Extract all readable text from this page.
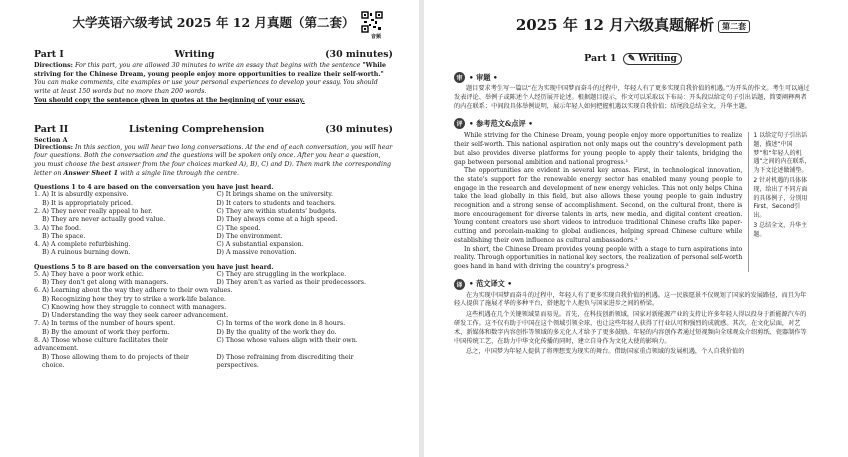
大学英语六级考试 2025 年 12 月真题（第二套）
音频
Part I	Writing	(30 minutes)

Directions: For this part, you are allowed 30 minutes to write an essay that begins with the sentence "While striving for the Chinese Dream, young people enjoy more opportunities to realize their self-worth." You can make comments, cite examples or use your personal experiences to develop your essay. You should write at least 150 words but no more than 200 words.

You should copy the sentence given in quotes at the beginning of your essay.

Part II	Listening Comprehension	(30 minutes)

Section A

Directions: In this section, you will hear two long conversations. At the end of each conversation, you will hear four questions. Both the conversation and the questions will be spoken only once. After you hear a question, you must choose the best answer from the four choices marked A), B), C) and D). Then mark the corresponding letter on Answer Sheet 1 with a single line through the centre.

Questions 1 to 4 are based on the conversation you have just heard.

1. A) It is absurdly expensive.	C) It brings shame on the university.
B) It is appropriately priced.	D) It caters to students and teachers.
2. A) They never really appeal to her.	C) They are within students' budgets.
B) They are never actually good value.	D) They always come at a high speed.
3. A) The food.	C) The speed.
B) The space.	D) The environment.
4. A) A complete refurbishing.	C) A substantial expansion.
B) A ruinous burning down.	D) A massive renovation.

Questions 5 to 8 are based on the conversation you have just heard.

5. A) They have a poor work ethic.	C) They are struggling in the workplace.
B) They don't get along with managers.	D) They aren't as varied as their predecessors.
6. A) Learning about the way they adhere to their own values.
B) Recognizing how they try to strike a work-life balance.
C) Knowing how they struggle to connect with managers.
D) Understanding the way they seek career advancement.
7. A) In terms of the number of hours spent.	C) In terms of the work done in 8 hours.
B) By the amount of work they perform.	D) By the quality of the work they do.
8. A) Those whose culture facilitates their advancement.
C) Those whose values align with their own.
B) Those allowing them to do projects of their choice.
D) Those refraining from discrediting their perspectives.
2025 年 12 月六级真题解析 第二套
Part 1 ✎ Writing
审 • 审题 •

题目要求考生写一篇以“在为实现中国梦而奋斗的过程中，年轻人有了更多实现自我价值的机遇。”为开头的作文。考生可以通过发表评论、举例子或陈述个人经历展开论述。根据题目提示，作文可以采取以下布局：开头段以给定句子引出话题，简要阐释两者的内在联系；中间段具体举例说明，展示年轻人如何把握机遇以实现自我价值；结尾段总结全文，升华主题。

评 • 参考范文&点评 •

While striving for the Chinese Dream, young people enjoy more opportunities to realize their self-worth. This national aspiration not only maps out the country's development path but also provides diverse platforms for young people to apply their talents, bridging the gap between personal ambition and national progress.¹

The opportunities are evident in several key areas. First, in technological innovation, the state's support for the renewable energy sector has enabled many young people to engage in the research and development of new energy vehicles. This not only helps China take the lead globally in this field, but also allows these young people to gain industry recognition and a strong sense of accomplishment. Second, on the cultural front, there is more encouragement for diverse talents in arts, new media, and digital content creation. Young content creators use short videos to introduce traditional Chinese crafts like paper-cutting and porcelain-making to global audiences, helping spread Chinese culture while establishing their own influence as cultural ambassadors.²

In short, the Chinese Dream provides young people with a stage to turn aspirations into reality. Through opportunities in national key sectors, the realization of personal self-worth goes hand in hand with driving the country's progress.³

1 以给定句子引出话题，描述“中国梦”和“年轻人的机遇”之间的内在联系，为下文论述做铺垫。

2 针对机遇的具体体现，给出了不同方面的具体例子，分别用First、Second引出。

3 总结全文，升华主题。

译 • 范文译文 •

在为实现中国梦而奋斗的过程中，年轻人有了更多实现自我价值的机遇。这一民族愿景不仅规划了国家的发展路径，而且为年轻人提供了施展才华的多种平台，搭建起个人抱负与国家进步之间的桥梁。

这些机遇在几个关键领域显而易见。首先，在科技创新领域，国家对新能源产业的支持让许多年轻人得以投身于新能源汽车的研发工作。这不仅有助于中国在这个领域引领全球，也让这些年轻人获得了行业认可和强烈的成就感。其次，在文化层面，对艺术、新媒体和数字内容创作等领域的多元化人才给予了更多鼓励。年轻的内容创作者通过短视频向全球观众介绍剪纸、瓷器制作等中国传统工艺，在助力中华文化传播的同时，建立自身作为文化大使的影响力。

总之，中国梦为年轻人提供了将理想变为现实的舞台。借助国家重点领域的发展机遇，个人自我价值的
